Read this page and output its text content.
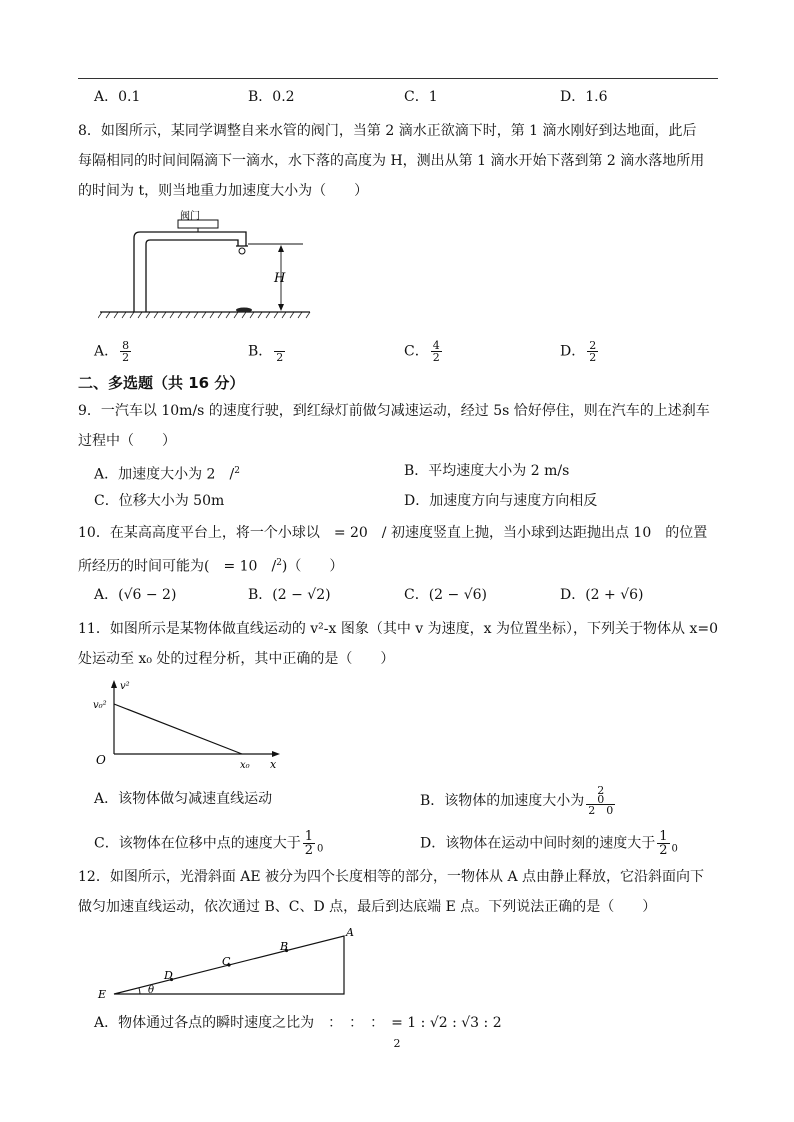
A．0.1	B．0.2	C．1	D．1.6
8．如图所示，某同学调整自来水管的阀门，当第 2 滴水正欲滴下时，第 1 滴水刚好到达地面，此后
每隔相同的时间间隔滴下一滴水，水下落的高度为 H，测出从第 1 滴水开始下落到第 2 滴水落地所用
的时间为 t，则当地重力加速度大小为（　　）
阀门
H
A． $\frac{8}{2}$	B． 2	C． $\frac{4}{2}$	D． $\frac{2}{2}$
二、多选题（共 16 分）
9．一汽车以 10m/s 的速度行驶，到红绿灯前做匀减速运动，经过 5s 恰好停住，则在汽车的上述刹车
过程中（　　）
A．加速度大小为 2　/$^2$	B．平均速度大小为 2 m/s
C．位移大小为 50m	D．加速度方向与速度方向相反
10．在某高高度平台上，将一个小球以　= 20　/ 初速度竖直上抛，当小球到达距抛出点 10　的位置
所经历的时间可能为(　= 10　/$^2$)（　　）
A．(√6 − 2)	B．(2 − √2)	C．(2 − √6)	D．(2 + √6)
11．如图所示是某物体做直线运动的 v²-x 图象（其中 v 为速度，x 为位置坐标），下列关于物体从 x=0
处运动至 x₀ 处的过程分析，其中正确的是（　　）
v²
v₀²
O	x₀ x
A．该物体做匀减速直线运动	B．该物体的加速度大小为 2
0
2　0
C．该物体在位移中点的速度大于 $\frac{1}{2} _0$	D．该物体在运动中间时刻的速度大于 $\frac{1}{2} _0$
12．如图所示，光滑斜面 AE 被分为四个长度相等的部分，一物体从 A 点由静止释放，它沿斜面向下
做匀加速直线运动，依次通过 B、C、D 点，最后到达底端 E 点。下列说法正确的是（　　）
A
B
C
D
E	θ
A．物体通过各点的瞬时速度之比为　：　：　：　= 1 : √2 : √3 : 2
2
